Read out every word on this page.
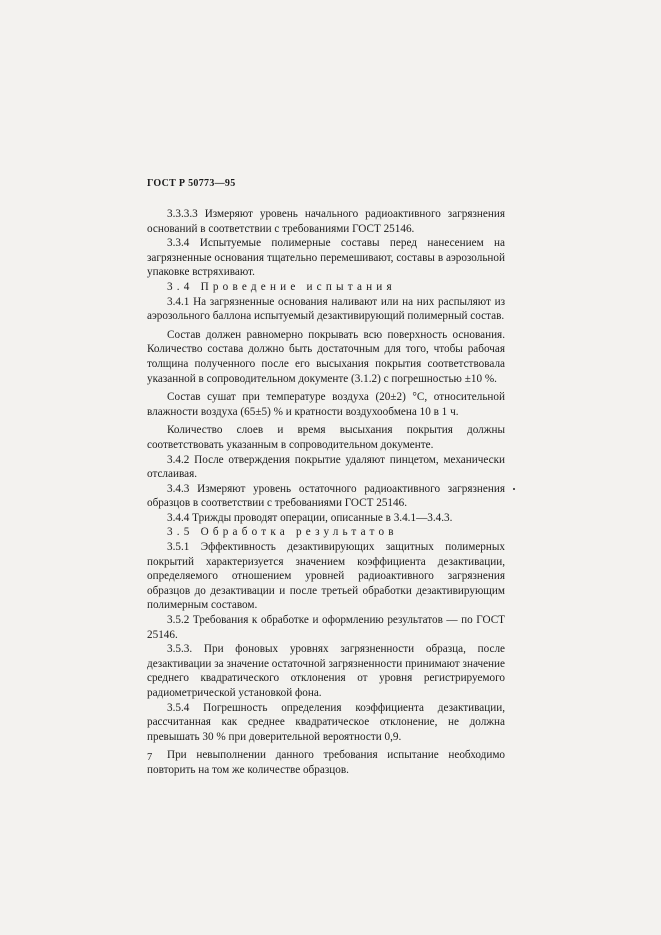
ГОСТ Р 50773—95

3.3.3.3 Измеряют уровень начального радиоактивного загрязнения оснований в соответствии с требованиями ГОСТ 25146.

3.3.4 Испытуемые полимерные составы перед нанесением на загрязненные основания тщательно перемешивают, составы в аэрозольной упаковке встряхивают.

3.4 Проведение испытания

3.4.1 На загрязненные основания наливают или на них распыляют из аэрозольного баллона испытуемый дезактивирующий полимерный состав.

Состав должен равномерно покрывать всю поверхность основания. Количество состава должно быть достаточным для того, чтобы рабочая толщина полученного после его высыхания покрытия соответствовала указанной в сопроводительном документе (3.1.2) с погрешностью ±10 %.

Состав сушат при температуре воздуха (20±2) °С, относительной влажности воздуха (65±5) % и кратности воздухообмена 10 в 1 ч.

Количество слоев и время высыхания покрытия должны соответствовать указанным в сопроводительном документе.

3.4.2 После отверждения покрытие удаляют пинцетом, механически отслаивая.

3.4.3 Измеряют уровень остаточного радиоактивного загрязнения образцов в соответствии с требованиями ГОСТ 25146.

3.4.4 Трижды проводят операции, описанные в 3.4.1—3.4.3.

3.5 Обработка результатов

3.5.1 Эффективность дезактивирующих защитных полимерных покрытий характеризуется значением коэффициента дезактивации, определяемого отношением уровней радиоактивного загрязнения образцов до дезактивации и после третьей обработки дезактивирующим полимерным составом.

3.5.2 Требования к обработке и оформлению результатов — по ГОСТ 25146.

3.5.3. При фоновых уровнях загрязненности образца, после дезактивации за значение остаточной загрязненности принимают значение среднего квадратического отклонения от уровня регистрируемого радиометрической установкой фона.

3.5.4 Погрешность определения коэффициента дезактивации, рассчитанная как среднее квадратическое отклонение, не должна превышать 30 % при доверительной вероятности 0,9.

При невыполнении данного требования испытание необходимо повторить на том же количестве образцов.

7
